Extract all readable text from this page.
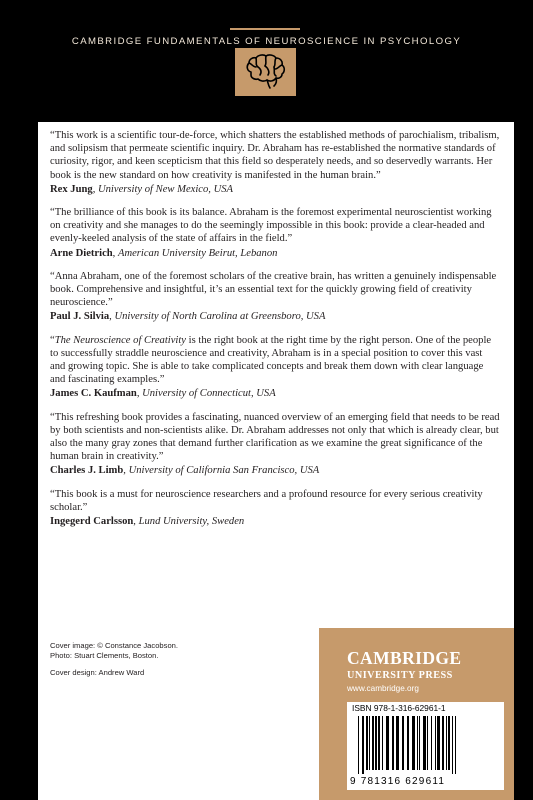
CAMBRIDGE FUNDAMENTALS OF NEUROSCIENCE IN PSYCHOLOGY

“This work is a scientific tour-de-force, which shatters the established methods of parochialism, tribalism, and solipsism that permeate scientific inquiry. Dr. Abraham has re-established the normative standards of curiosity, rigor, and keen scepticism that this field so desperately needs, and so deservedly warrants. Her book is the new standard on how creativity is manifested in the human brain.”

Rex Jung, University of New Mexico, USA

“The brilliance of this book is its balance. Abraham is the foremost experimental neuroscientist working on creativity and she manages to do the seemingly impossible in this book: provide a clear-headed and evenly-keeled analysis of the state of affairs in the field.”

Arne Dietrich, American University Beirut, Lebanon

“Anna Abraham, one of the foremost scholars of the creative brain, has written a genuinely indispensable book. Comprehensive and insightful, it’s an essential text for the quickly growing field of creativity neuroscience.”

Paul J. Silvia, University of North Carolina at Greensboro, USA

“The Neuroscience of Creativity is the right book at the right time by the right person. One of the people to successfully straddle neuroscience and creativity, Abraham is in a special position to cover this vast and growing topic. She is able to take complicated concepts and break them down with clear language and fascinating examples.”

James C. Kaufman, University of Connecticut, USA

“This refreshing book provides a fascinating, nuanced overview of an emerging field that needs to be read by both scientists and non-scientists alike. Dr. Abraham addresses not only that which is already clear, but also the many gray zones that demand further clarification as we examine the great significance of the human brain in creativity.”

Charles J. Limb, University of California San Francisco, USA

“This book is a must for neuroscience researchers and a profound resource for every serious creativity scholar.”

Ingegerd Carlsson, Lund University, Sweden

Cover image: © Constance Jacobson.

Photo: Stuart Clements, Boston.

Cover design: Andrew Ward

CAMBRIDGE
UNIVERSITY PRESS
www.cambridge.org
ISBN 978-1-316-62961-1
9 781316 629611
